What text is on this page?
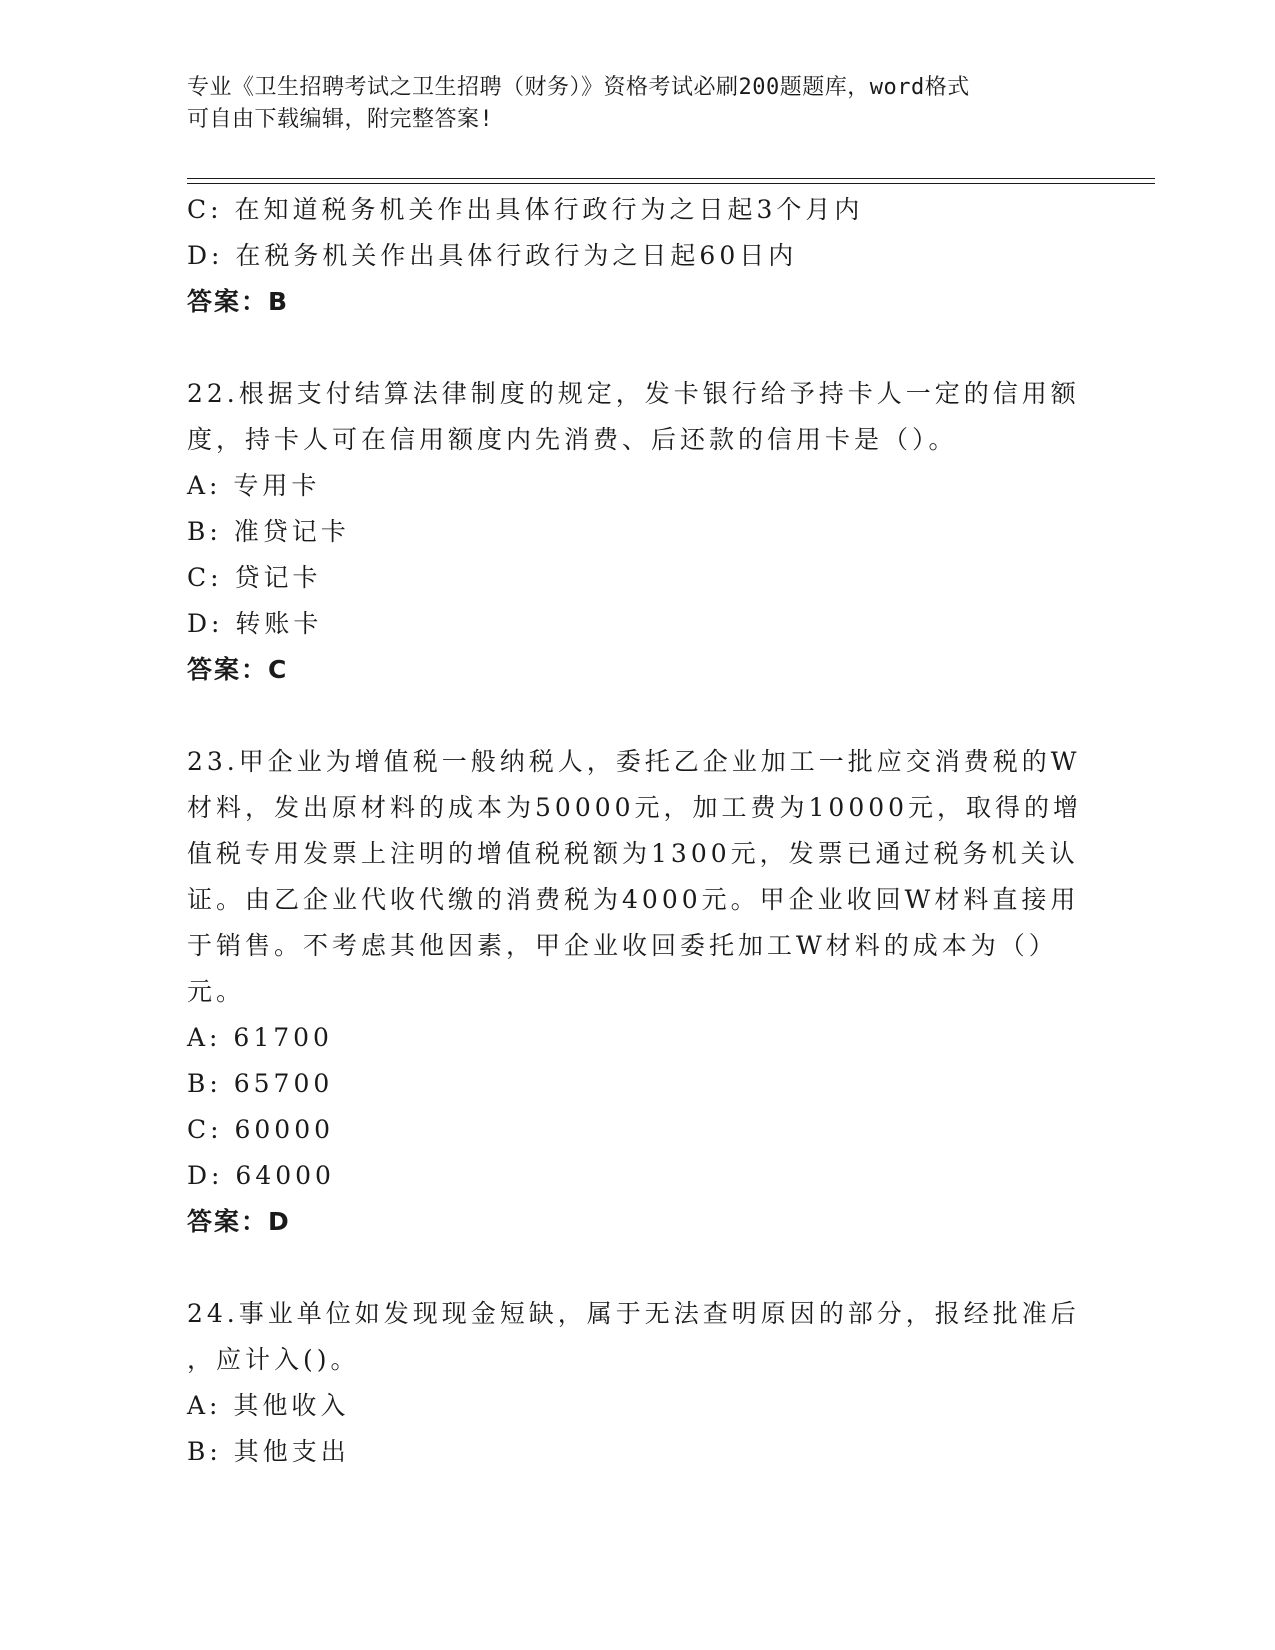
专业《卫生招聘考试之卫生招聘（财务）》资格考试必刷200题题库，word格式
可自由下载编辑，附完整答案!
C: 在知道税务机关作出具体行政行为之日起3个月内
D: 在税务机关作出具体行政行为之日起60日内
答案：B
22.根据支付结算法律制度的规定，发卡银行给予持卡人一定的信用额
度，持卡人可在信用额度内先消费、后还款的信用卡是（）。
A: 专用卡
B: 准贷记卡
C: 贷记卡
D: 转账卡
答案：C
23.甲企业为增值税一般纳税人，委托乙企业加工一批应交消费税的W
材料，发出原材料的成本为50000元，加工费为10000元，取得的增
值税专用发票上注明的增值税税额为1300元，发票已通过税务机关认
证。由乙企业代收代缴的消费税为4000元。甲企业收回W材料直接用
于销售。不考虑其他因素，甲企业收回委托加工W材料的成本为（）
元。
A: 61700
B: 65700
C: 60000
D: 64000
答案：D
24.事业单位如发现现金短缺，属于无法查明原因的部分，报经批准后
，应计入()。
A: 其他收入
B: 其他支出
